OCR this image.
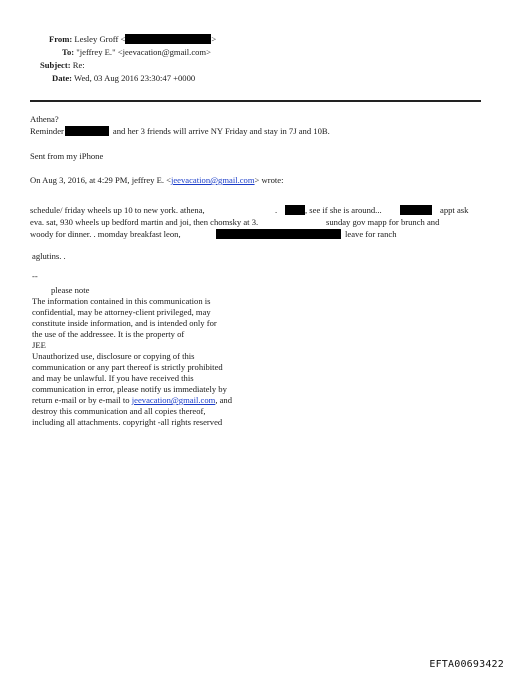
From: Lesley Groff <	>
To: "jeffrey E." <jeevacation@gmail.com>
Subject: Re:
Date: Wed, 03 Aug 2016 23:30:47 +0000
Athena?
Reminder	and her 3 friends will arrive NY Friday and stay in 7J and 10B.
Sent from my iPhone
On Aug 3, 2016, at 4:29 PM, jeffrey E. <jeevacation@gmail.com> wrote:
schedule/ friday wheels up 10 to new york. athena,	.	, see if she is around...	appt ask
eva. sat, 930 wheels up bedford martin and joi, then chomsky at 3.	sunday gov mapp for brunch and
woody for dinner. . momday breakfast leon,	leave for ranch
aglutins. .
--
please note
The information contained in this communication is
confidential, may be attorney-client privileged, may
constitute inside information, and is intended only for
the use of the addressee. It is the property of
JEE
Unauthorized use, disclosure or copying of this
communication or any part thereof is strictly prohibited
and may be unlawful. If you have received this
communication in error, please notify us immediately by
return e-mail or by e-mail to jeevacation@gmail.com, and
destroy this communication and all copies thereof,
including all attachments. copyright -all rights reserved
EFTA00693422
